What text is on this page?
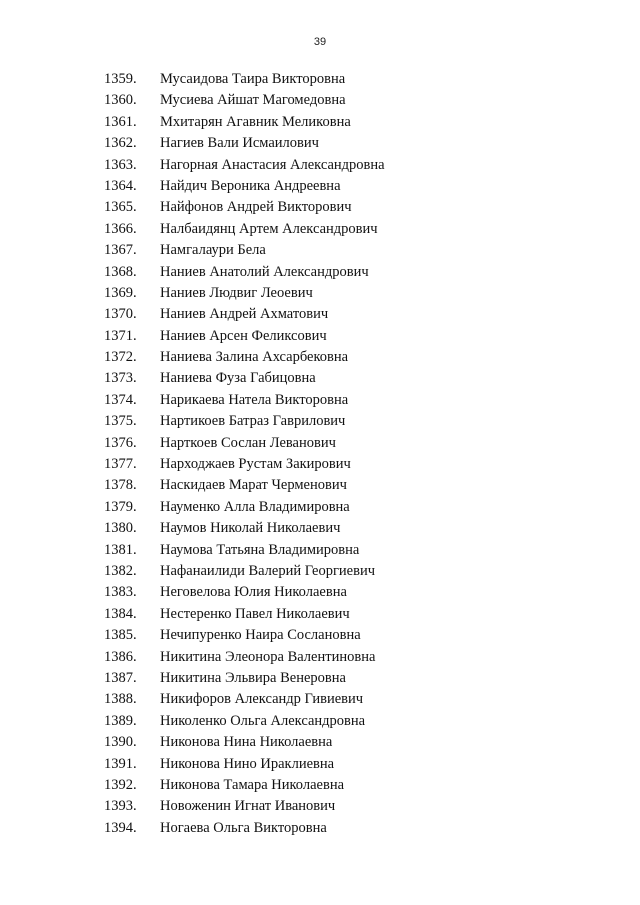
39
1359. Мусаидова Таира Викторовна
1360. Мусиева Айшат Магомедовна
1361. Мхитарян Агавник Меликовна
1362. Нагиев Вали Исмаилович
1363. Нагорная Анастасия Александровна
1364. Найдич Вероника Андреевна
1365. Найфонов Андрей Викторович
1366. Налбаидянц Артем Александрович
1367. Намгалаури Бела
1368. Наниев Анатолий Александрович
1369. Наниев Людвиг Леоевич
1370. Наниев Андрей Ахматович
1371. Наниев Арсен Феликсович
1372. Наниева Залина Ахсарбековна
1373. Наниева Фуза Габицовна
1374. Нарикаева Натела Викторовна
1375. Нартикоев Батраз Гаврилович
1376. Нарткоев Сослан Леванович
1377. Нарходжаев Рустам Закирович
1378. Наскидаев Марат Черменович
1379. Науменко Алла Владимировна
1380. Наумов Николай Николаевич
1381. Наумова Татьяна Владимировна
1382. Нафанаилиди Валерий Георгиевич
1383. Неговелова Юлия Николаевна
1384. Нестеренко Павел Николаевич
1385. Нечипуренко Наира Сослановна
1386. Никитина Элеонора Валентиновна
1387. Никитина Эльвира Венеровна
1388. Никифоров Александр Гивиевич
1389. Николенко Ольга Александровна
1390. Никонова Нина Николаевна
1391. Никонова Нино Ираклиевна
1392. Никонова Тамара Николаевна
1393. Новоженин Игнат Иванович
1394. Ногаева Ольга Викторовна
